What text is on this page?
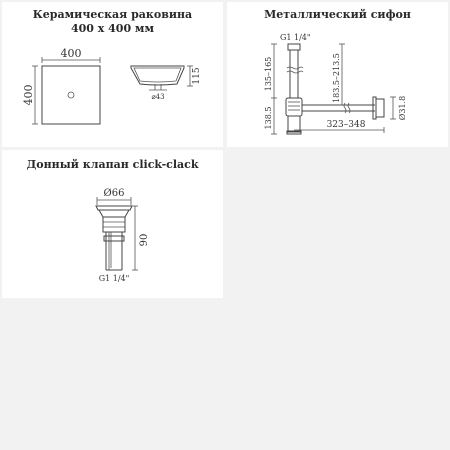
Керамическая раковина
400 х 400 мм
400
400	⌀43
115
Металлический сифон
G1 1/4"
135–165
138.5
183.5–213.5
Ø31.8
323–348
Донный клапан click-clack
Ø66
90
G1 1/4"
